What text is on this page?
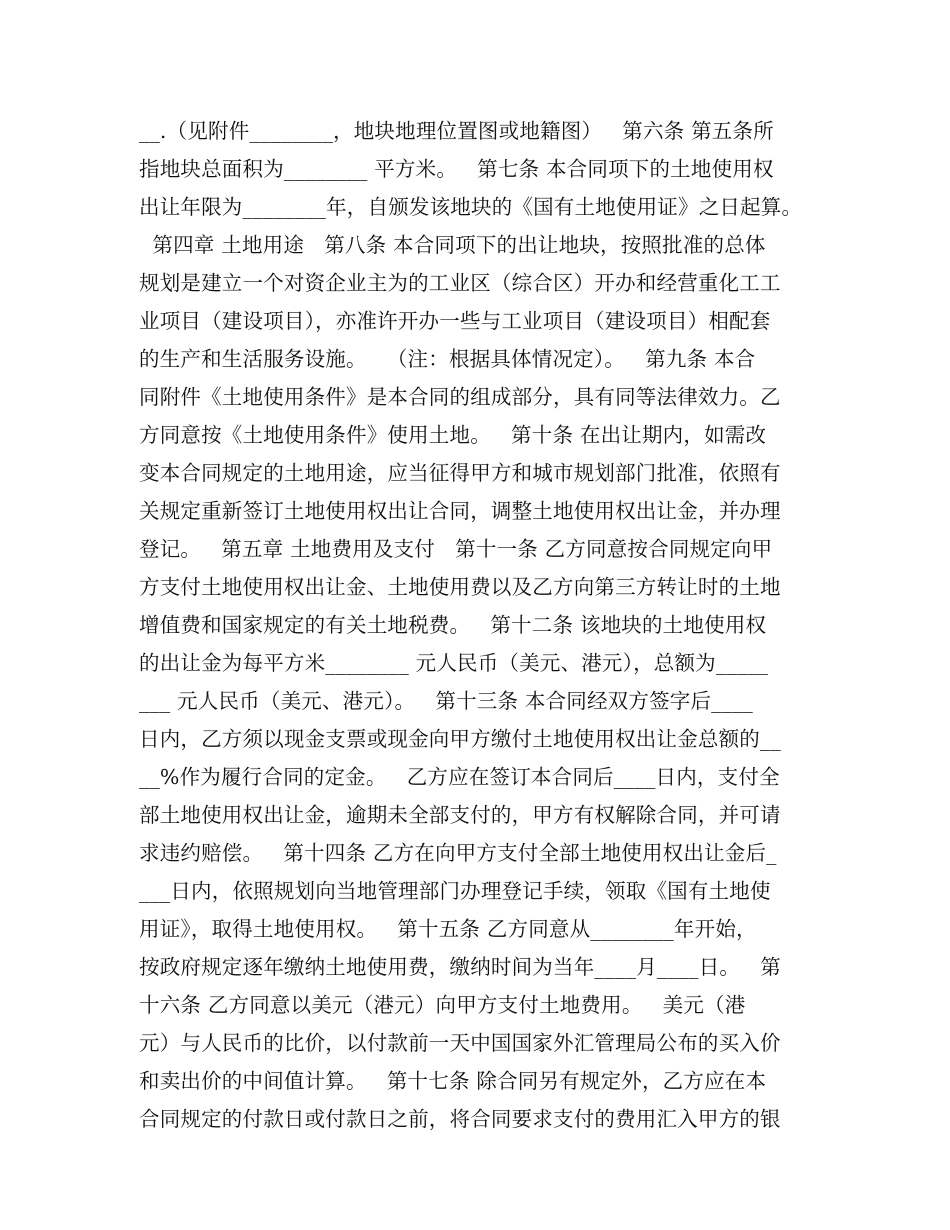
__.（见附件________，地块地理位置图或地籍图）   第六条 第五条所
指地块总面积为________ 平方米。   第七条 本合同项下的土地使用权
出让年限为________年，自颁发该地块的《国有土地使用证》之日起算。
第四章 土地用途   第八条 本合同项下的出让地块，按照批准的总体
规划是建立一个对资企业主为的工业区（综合区）开办和经营重化工工
业项目（建设项目），亦准许开办一些与工业项目（建设项目）相配套
的生产和生活服务设施。   （注：根据具体情况定）。   第九条 本合
同附件《土地使用条件》是本合同的组成部分，具有同等法律效力。乙
方同意按《土地使用条件》使用土地。   第十条 在出让期内，如需改
变本合同规定的土地用途，应当征得甲方和城市规划部门批准，依照有
关规定重新签订土地使用权出让合同，调整土地使用权出让金，并办理
登记。   第五章 土地费用及支付   第十一条 乙方同意按合同规定向甲
方支付土地使用权出让金、土地使用费以及乙方向第三方转让时的土地
增值费和国家规定的有关土地税费。   第十二条 该地块的土地使用权
的出让金为每平方米________ 元人民币（美元、港元），总额为_____
___ 元人民币（美元、港元）。   第十三条 本合同经双方签字后____
日内，乙方须以现金支票或现金向甲方缴付土地使用权出让金总额的__
__%作为履行合同的定金。   乙方应在签订本合同后____日内，支付全
部土地使用权出让金，逾期未全部支付的，甲方有权解除合同，并可请
求违约赔偿。   第十四条 乙方在向甲方支付全部土地使用权出让金后_
___日内，依照规划向当地管理部门办理登记手续，领取《国有土地使
用证》，取得土地使用权。   第十五条 乙方同意从________年开始，
按政府规定逐年缴纳土地使用费，缴纳时间为当年____月____日。   第
十六条 乙方同意以美元（港元）向甲方支付土地费用。   美元（港
元）与人民币的比价，以付款前一天中国国家外汇管理局公布的买入价
和卖出价的中间值计算。   第十七条 除合同另有规定外，乙方应在本
合同规定的付款日或付款日之前，将合同要求支付的费用汇入甲方的银
